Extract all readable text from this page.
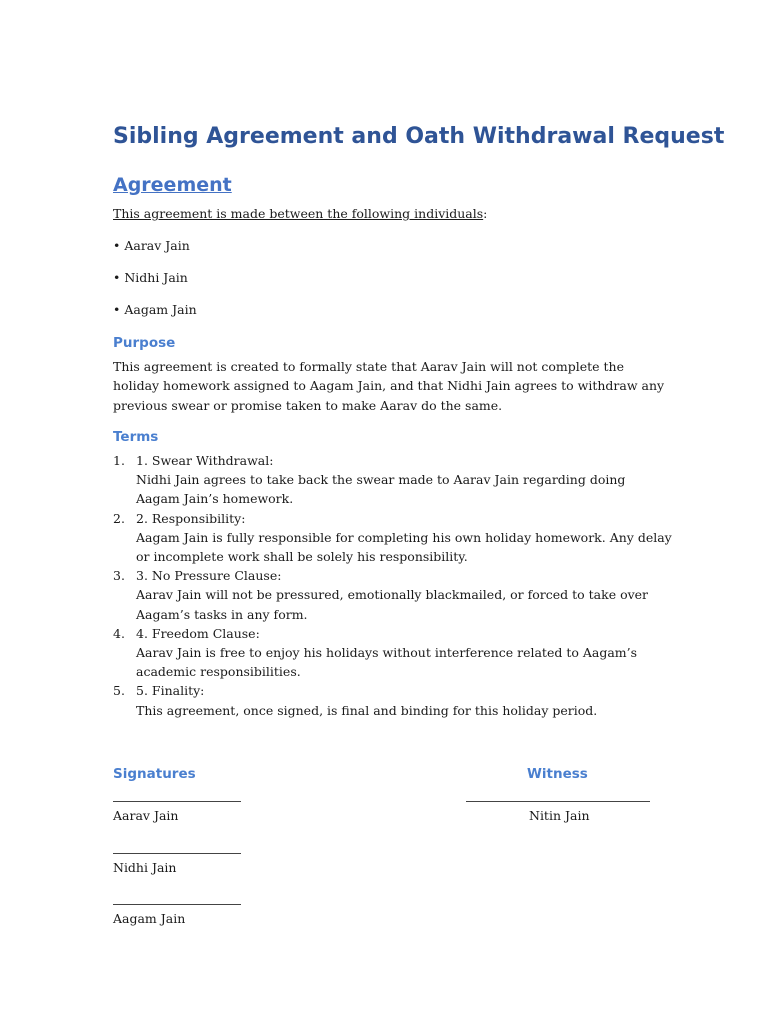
Sibling Agreement and Oath Withdrawal Request
Agreement

This agreement is made between the following individuals:

• Aarav Jain

• Nidhi Jain

• Aagam Jain

Purpose

This agreement is created to formally state that Aarav Jain will not complete the holiday homework assigned to Aagam Jain, and that Nidhi Jain agrees to withdraw any previous swear or promise taken to make Aarav do the same.

Terms
1. 1. Swear Withdrawal:
Nidhi Jain agrees to take back the swear made to Aarav Jain regarding doing Aagam Jain’s homework.
2. 2. Responsibility:
Aagam Jain is fully responsible for completing his own holiday homework. Any delay or incomplete work shall be solely his responsibility.
3. 3. No Pressure Clause:
Aarav Jain will not be pressured, emotionally blackmailed, or forced to take over Aagam’s tasks in any form.
4. 4. Freedom Clause:
Aarav Jain is free to enjoy his holidays without interference related to Aagam’s academic responsibilities.
5. 5. Finality:
This agreement, once signed, is final and binding for this holiday period.
Signatures	Witness

Aarav Jain	Nitin Jain

Nidhi Jain

Aagam Jain
